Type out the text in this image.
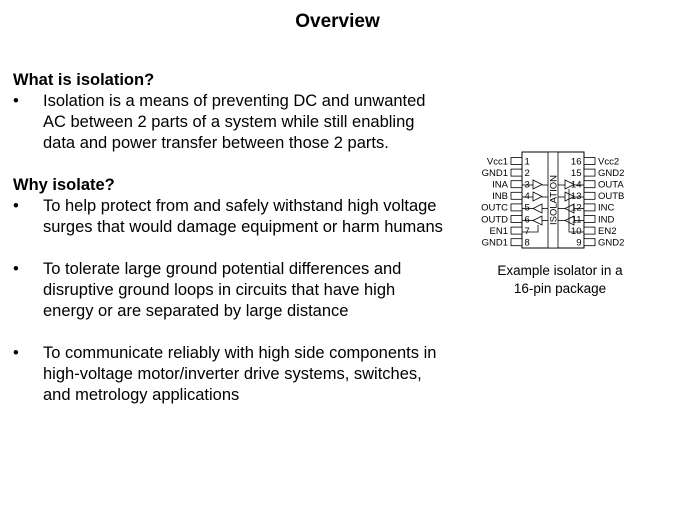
Overview

What is isolation?

•	Isolation is a means of preventing DC and unwanted AC between 2 parts of a system while still enabling data and power transfer between those 2 parts.

Why isolate?

•	To help protect from and safely withstand high voltage surges that would damage equipment or harm humans
•	To tolerate large ground potential differences and disruptive ground loops in circuits that have high energy or are separated by large distance
•	To communicate reliably with high side components in high-voltage motor/inverter drive systems, switches, and metrology applications
ISOLATION
Vcc1 1
GND1 2
INA 3
INB 4
OUTC 5
OUTD 6
EN1 7
GND1 8
16 Vcc2
15 GND2
14 OUTA
13 OUTB
12 INC
11 IND
10 EN2
9 GND2
Example isolator in a
16-pin package
